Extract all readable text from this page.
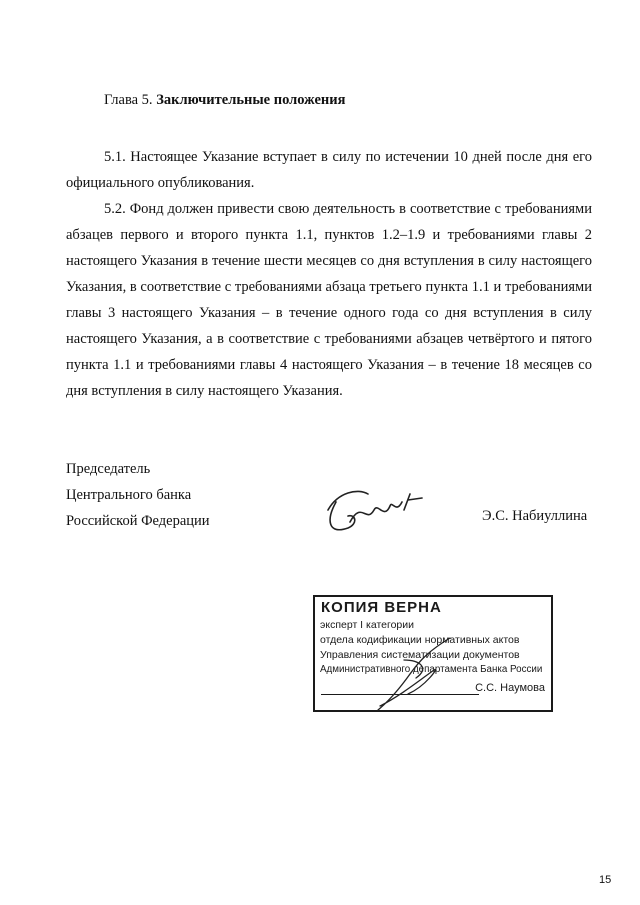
Глава 5. Заключительные положения

5.1. Настоящее Указание вступает в силу по истечении 10 дней после дня его официального опубликования.

5.2. Фонд должен привести свою деятельность в соответствие с требованиями абзацев первого и второго пункта 1.1, пунктов 1.2–1.9 и требованиями главы 2 настоящего Указания в течение шести месяцев со дня вступления в силу настоящего Указания, в соответствие с требованиями абзаца третьего пункта 1.1 и требованиями главы 3 настоящего Указания – в течение одного года со дня вступления в силу настоящего Указания, а в соответствие с требованиями абзацев четвёртого и пятого пункта 1.1 и требованиями главы 4 настоящего Указания – в течение 18 месяцев со дня вступления в силу настоящего Указания.

Председатель
Центрального банка
Российской Федерации	Э.С. Набиуллина
КОПИЯ ВЕРНА
эксперт I категории
отдела кодификации нормативных актов
Управления систематизации документов
Административного департамента Банка России
С.С. Наумова
15
